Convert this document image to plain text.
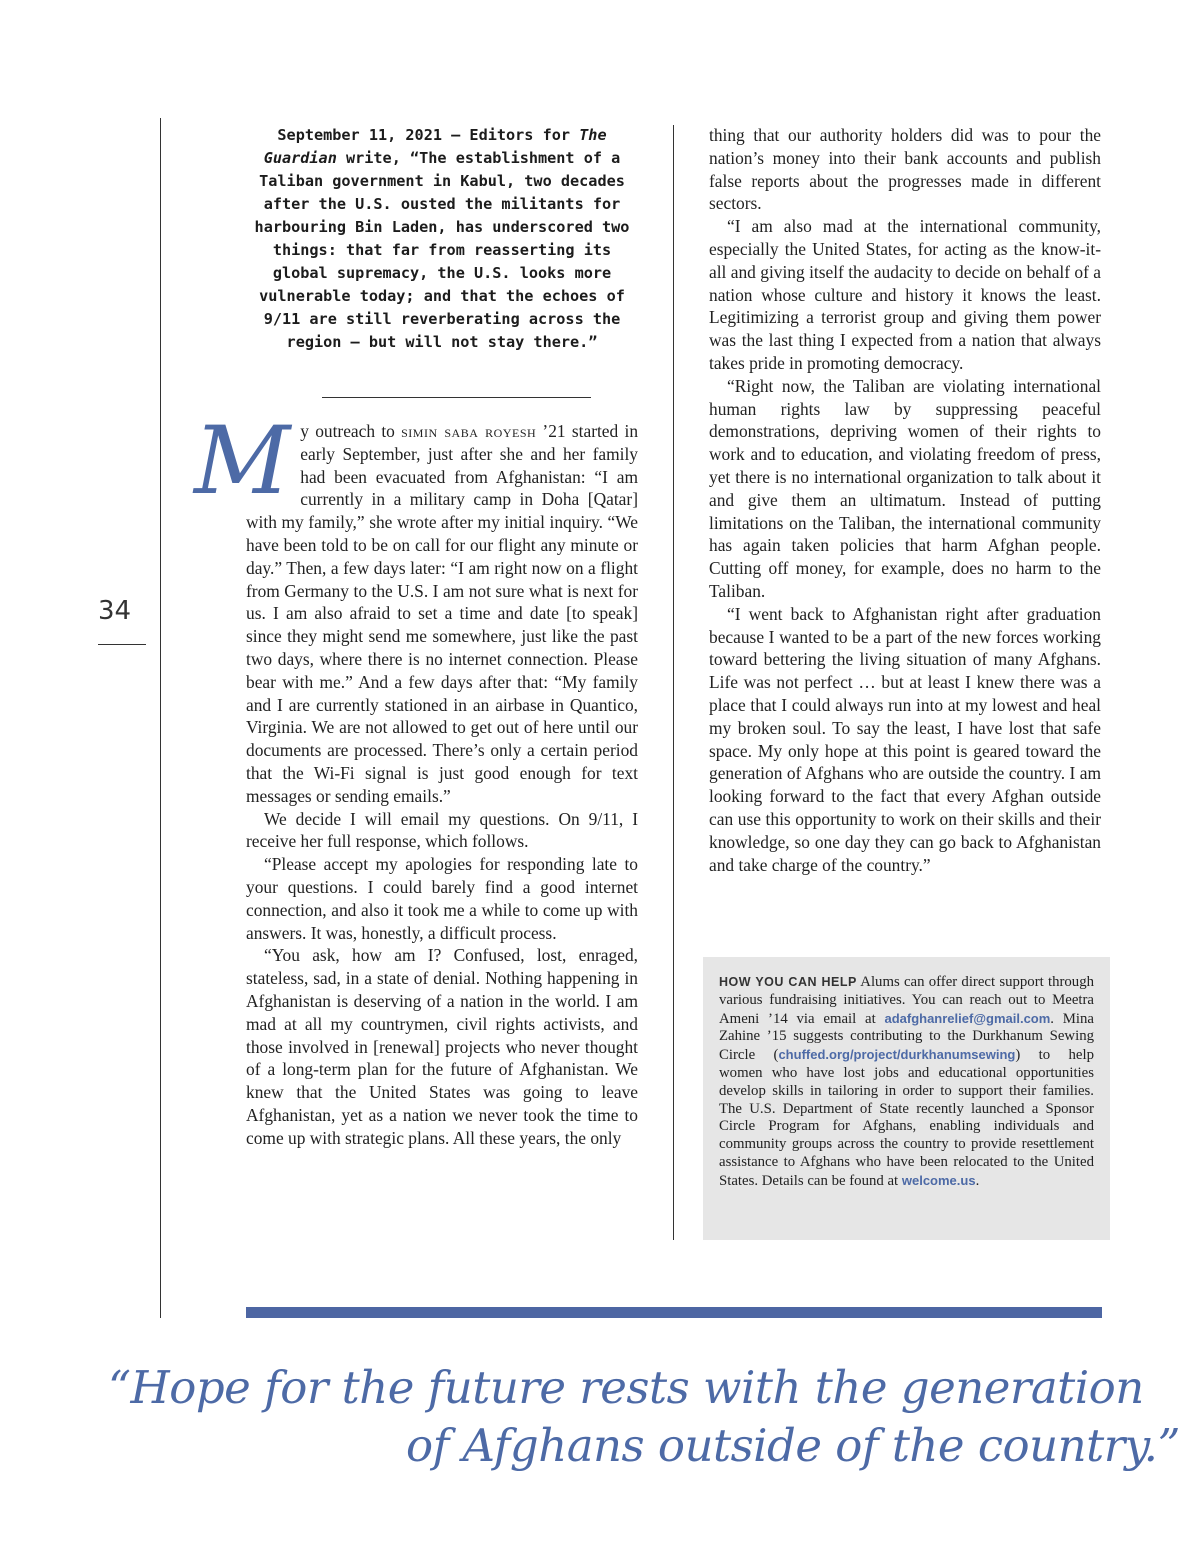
34
September 11, 2021 – Editors for The Guardian write, “The establishment of a Taliban government in Kabul, two decades after the U.S. ousted the militants for harbouring Bin Laden, has underscored two things: that far from reasserting its global supremacy, the U.S. looks more vulnerable today; and that the echoes of 9/11 are still reverberating across the region – but will not stay there.”

My outreach to simin saba royesh ’21 started in early September, just after she and her family had been evacuated from Afghanistan: “I am currently in a military camp in Doha [Qatar] with my family,” she wrote after my initial inquiry. “We have been told to be on call for our flight any minute or day.” Then, a few days later: “I am right now on a flight from Germany to the U.S. I am not sure what is next for us. I am also afraid to set a time and date [to speak] since they might send me somewhere, just like the past two days, where there is no internet connection. Please bear with me.” And a few days after that: “My family and I are currently stationed in an airbase in Quantico, Virginia. We are not allowed to get out of here until our documents are processed. There’s only a certain period that the Wi-Fi signal is just good enough for text messages or sending emails.”

We decide I will email my questions. On 9/11, I receive her full response, which follows.

“Please accept my apologies for responding late to your questions. I could barely find a good internet connection, and also it took me a while to come up with answers. It was, honestly, a difficult process.

“You ask, how am I? Confused, lost, enraged, stateless, sad, in a state of denial. Nothing happening in Afghanistan is deserving of a nation in the world. I am mad at all my countrymen, civil rights activists, and those involved in [renewal] projects who never thought of a long-term plan for the future of Afghanistan. We knew that the United States was going to leave Afghanistan, yet as a nation we never took the time to come up with strategic plans. All these years, the only

thing that our authority holders did was to pour the nation’s money into their bank accounts and publish false reports about the progresses made in different sectors.

“I am also mad at the international community, especially the United States, for acting as the know-it-all and giving itself the audacity to decide on behalf of a nation whose culture and history it knows the least. Legitimizing a terrorist group and giving them power was the last thing I expected from a nation that always takes pride in promoting democracy.

“Right now, the Taliban are violating international human rights law by suppressing peaceful demonstrations, depriving women of their rights to work and to education, and violating freedom of press, yet there is no international organization to talk about it and give them an ultimatum. Instead of putting limitations on the Taliban, the international community has again taken policies that harm Afghan people. Cutting off money, for example, does no harm to the Taliban.

“I went back to Afghanistan right after graduation because I wanted to be a part of the new forces working toward bettering the living situation of many Afghans. Life was not perfect … but at least I knew there was a place that I could always run into at my lowest and heal my broken soul. To say the least, I have lost that safe space. My only hope at this point is geared toward the generation of Afghans who are outside the country. I am looking forward to the fact that every Afghan outside can use this opportunity to work on their skills and their knowledge, so one day they can go back to Afghanistan and take charge of the country.”

HOW YOU CAN HELP Alums can offer direct support through various fundraising initiatives. You can reach out to Meetra Ameni ’14 via email at adafghanrelief@gmail.com. Mina Zahine ’15 suggests contributing to the Durkhanum Sewing Circle (chuffed.org/project/durkhanumsewing) to help women who have lost jobs and educational opportunities develop skills in tailoring in order to support their families. The U.S. Department of State recently launched a Sponsor Circle Program for Afghans, enabling individuals and community groups across the country to provide resettlement assistance to Afghans who have been relocated to the United States. Details can be found at welcome.us.
“Hope for the future rests with the generation
of Afghans outside of the country.”
